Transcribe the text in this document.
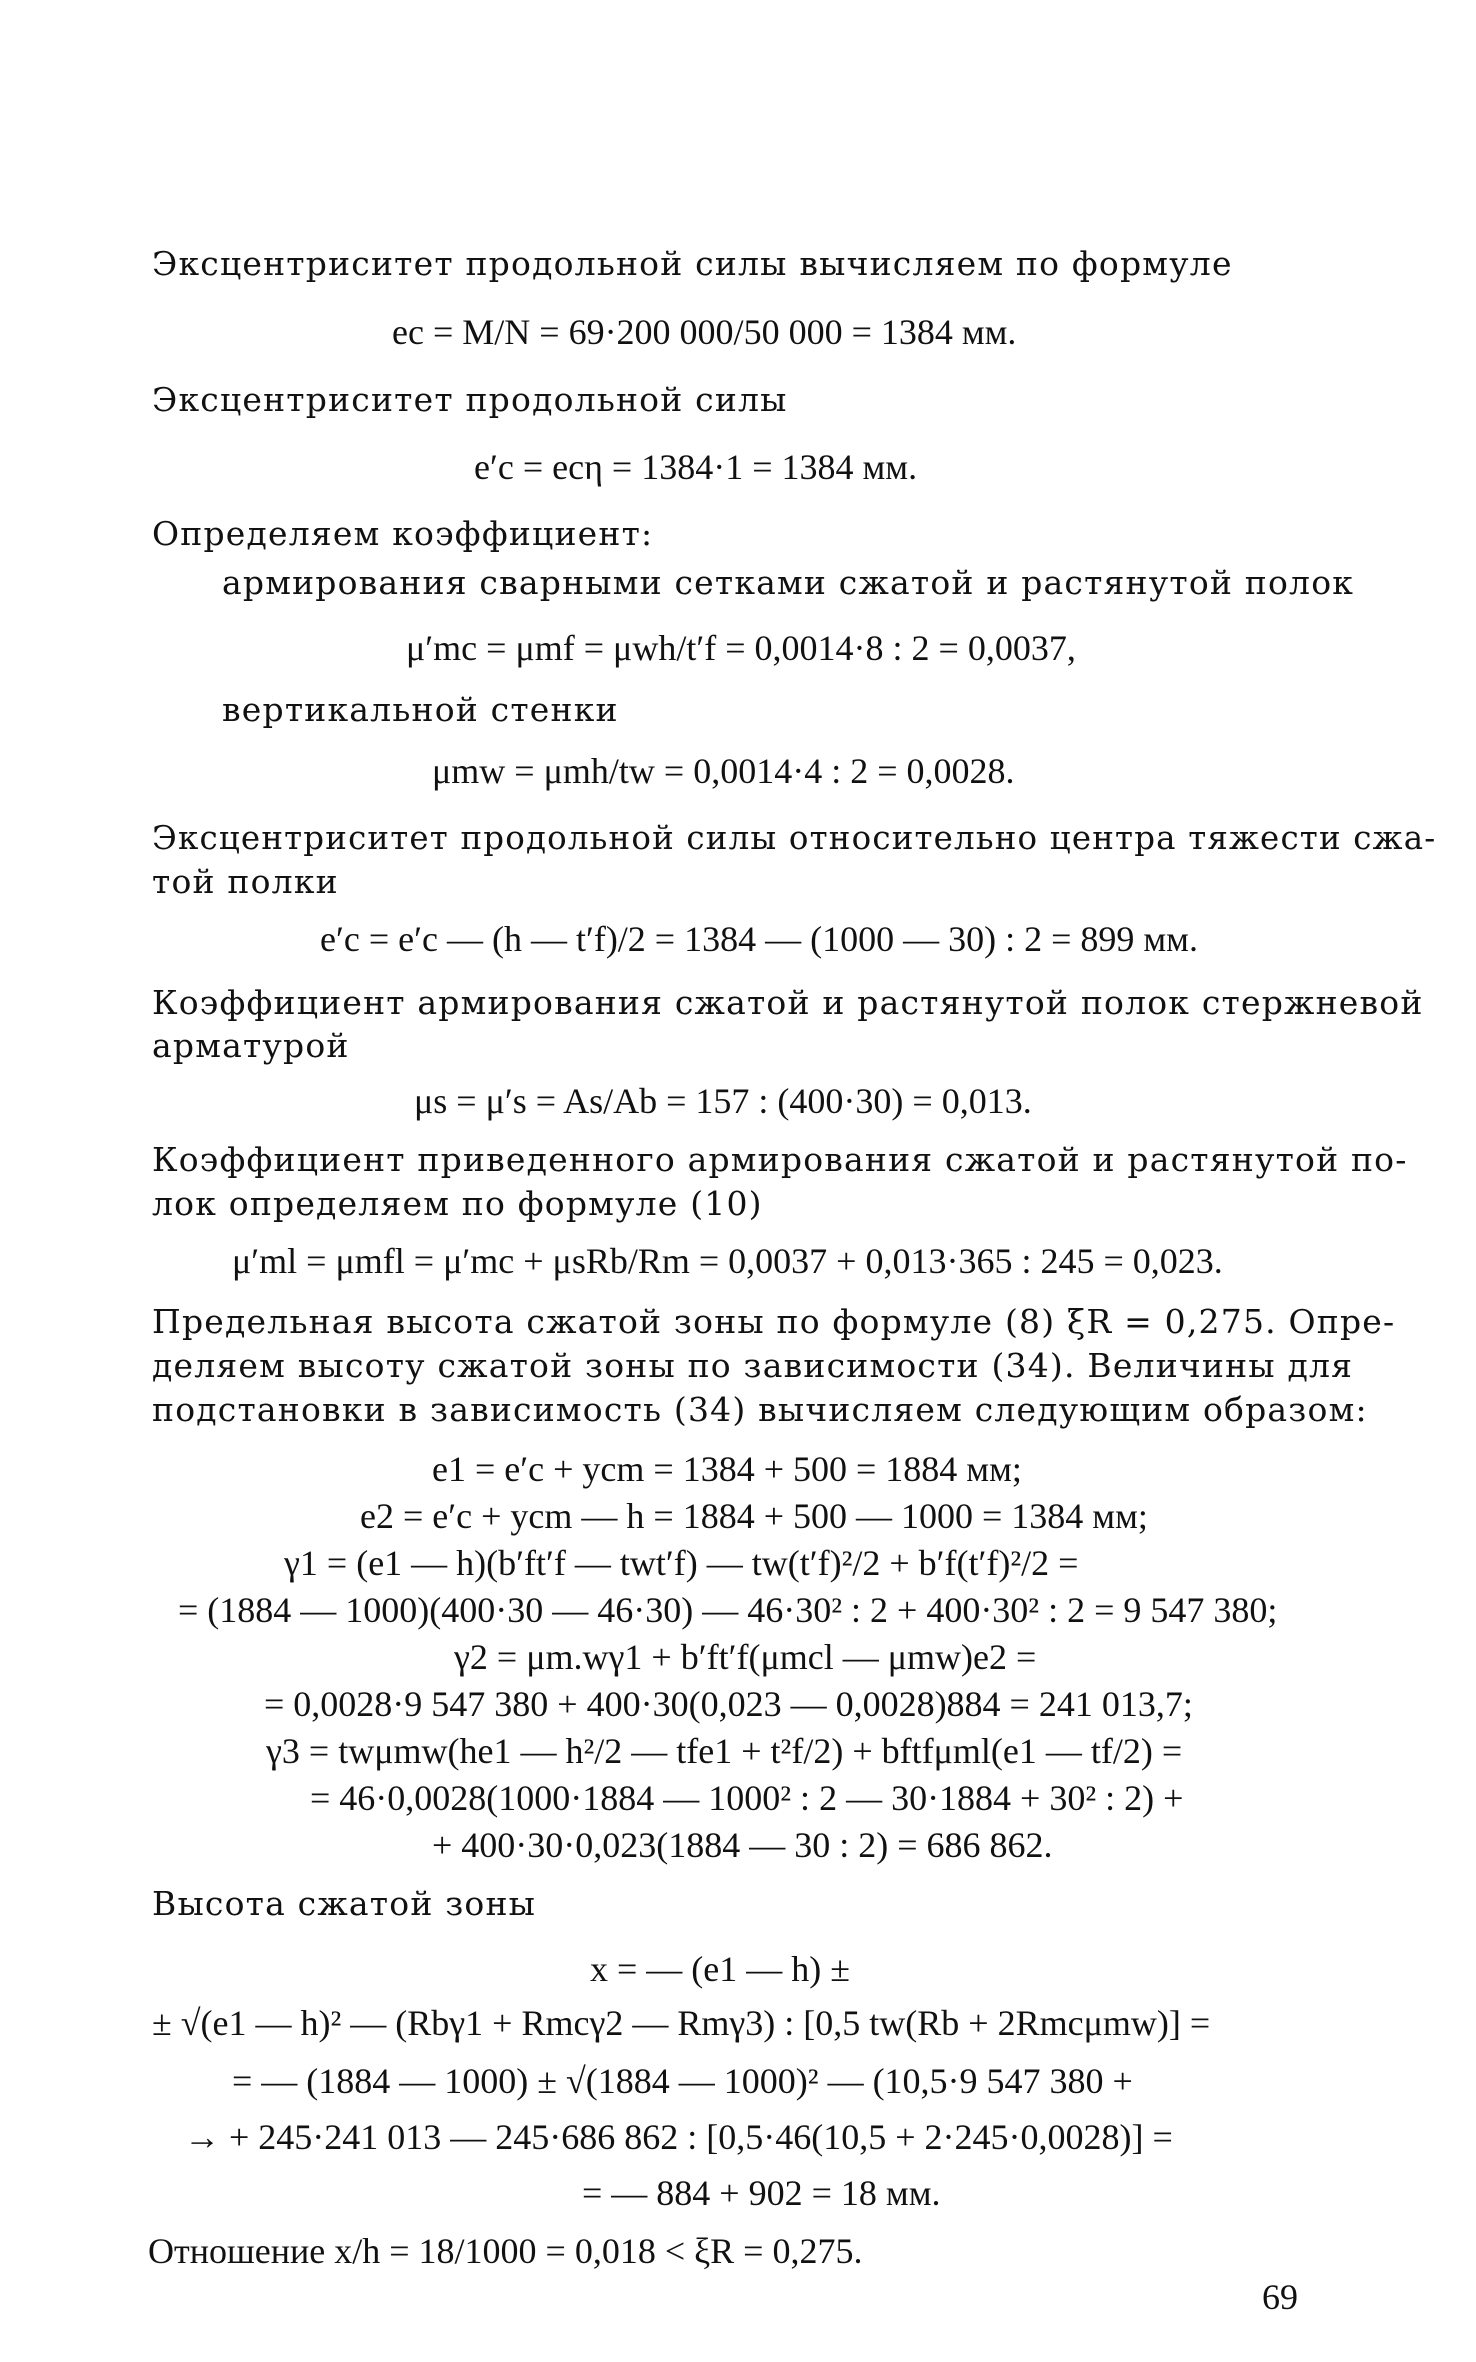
Эксцентриситет продольной силы вычисляем по формуле
eс = M/N = 69·200 000/50 000 = 1384 мм.
Эксцентриситет продольной силы
e′c = ecη = 1384·1 = 1384 мм.
Определяем коэффициент:
армирования сварными сетками сжатой и растянутой полок
μ′mc = μmf = μwh/t′f = 0,0014·8 : 2 = 0,0037,
вертикальной стенки
μmw = μmh/tw = 0,0014·4 : 2 = 0,0028.
Эксцентриситет продольной силы относительно центра тяжести сжа-
той полки
e′c = e′c — (h — t′f)/2 = 1384 — (1000 — 30) : 2 = 899 мм.
Коэффициент армирования сжатой и растянутой полок стержневой
арматурой
μs = μ′s = As/Ab = 157 : (400·30) = 0,013.
Коэффициент приведенного армирования сжатой и растянутой по-
лок определяем по формуле (10)
μ′ml = μmfl = μ′mc + μsRb/Rm = 0,0037 + 0,013·365 : 245 = 0,023.
Предельная высота сжатой зоны по формуле (8) ξR = 0,275. Опре-
деляем высоту сжатой зоны по зависимости (34). Величины для
подстановки в зависимость (34) вычисляем следующим образом:
e1 = e′c + ycm = 1384 + 500 = 1884 мм;
e2 = e′c + ycm — h = 1884 + 500 — 1000 = 1384 мм;
γ1 = (e1 — h)(b′ft′f — twt′f) — tw(t′f)²/2 + b′f(t′f)²/2 =
= (1884 — 1000)(400·30 — 46·30) — 46·30² : 2 + 400·30² : 2 = 9 547 380;
γ2 = μm.wγ1 + b′ft′f(μmcl — μmw)e2 =
= 0,0028·9 547 380 + 400·30(0,023 — 0,0028)884 = 241 013,7;
γ3 = twμmw(he1 — h²/2 — tfe1 + t²f/2) + bftfμml(e1 — tf/2) =
= 46·0,0028(1000·1884 — 1000² : 2 — 30·1884 + 30² : 2) +
+ 400·30·0,023(1884 — 30 : 2) = 686 862.
Высота сжатой зоны
x = — (e1 — h) ±
± √(e1 — h)² — (Rbγ1 + Rmcγ2 — Rmγ3) : [0,5 tw(Rb + 2Rmcμmw)] =
= — (1884 — 1000) ± √(1884 — 1000)² — (10,5·9 547 380 +
→ + 245·241 013 — 245·686 862 : [0,5·46(10,5 + 2·245·0,0028)] =
= — 884 + 902 = 18 мм.
Отношение x/h = 18/1000 = 0,018 < ξR = 0,275.
69
